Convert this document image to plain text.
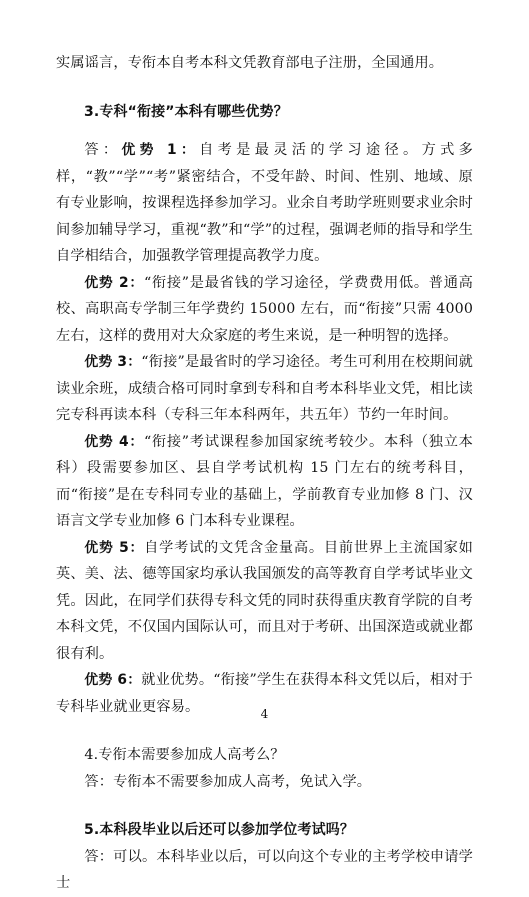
实属谣言，专衔本自考本科文凭教育部电子注册，全国通用。

3.专科“衔接”本科有哪些优势？

答：优势 1：自考是最灵活的学习途径。方式多样，“教”“学”“考”紧密结合，不受年龄、时间、性别、地域、原有专业影响，按课程选择参加学习。业余自考助学班则要求业余时间参加辅导学习，重视“教”和“学”的过程，强调老师的指导和学生自学相结合，加强教学管理提高教学力度。

优势 2：“衔接”是最省钱的学习途径，学费费用低。普通高校、高职高专学制三年学费约 15000 左右，而“衔接”只需 4000 左右，这样的费用对大众家庭的考生来说，是一种明智的选择。

优势 3：“衔接”是最省时的学习途径。考生可利用在校期间就读业余班，成绩合格可同时拿到专科和自考本科毕业文凭，相比读完专科再读本科（专科三年本科两年，共五年）节约一年时间。

优势 4：“衔接”考试课程参加国家统考较少。本科（独立本科）段需要参加区、县自学考试机构 15 门左右的统考科目，而“衔接”是在专科同专业的基础上，学前教育专业加修 8 门、汉语言文学专业加修 6 门本科专业课程。

优势 5：自学考试的文凭含金量高。目前世界上主流国家如英、美、法、德等国家均承认我国颁发的高等教育自学考试毕业文凭。因此，在同学们获得专科文凭的同时获得重庆教育学院的自考本科文凭，不仅国内国际认可，而且对于考研、出国深造或就业都很有利。

优势 6：就业优势。“衔接”学生在获得本科文凭以后，相对于专科毕业就业更容易。

4.专衔本需要参加成人高考么？

答：专衔本不需要参加成人高考，免试入学。

5.本科段毕业以后还可以参加学位考试吗？

答：可以。本科毕业以后，可以向这个专业的主考学校申请学士

4
